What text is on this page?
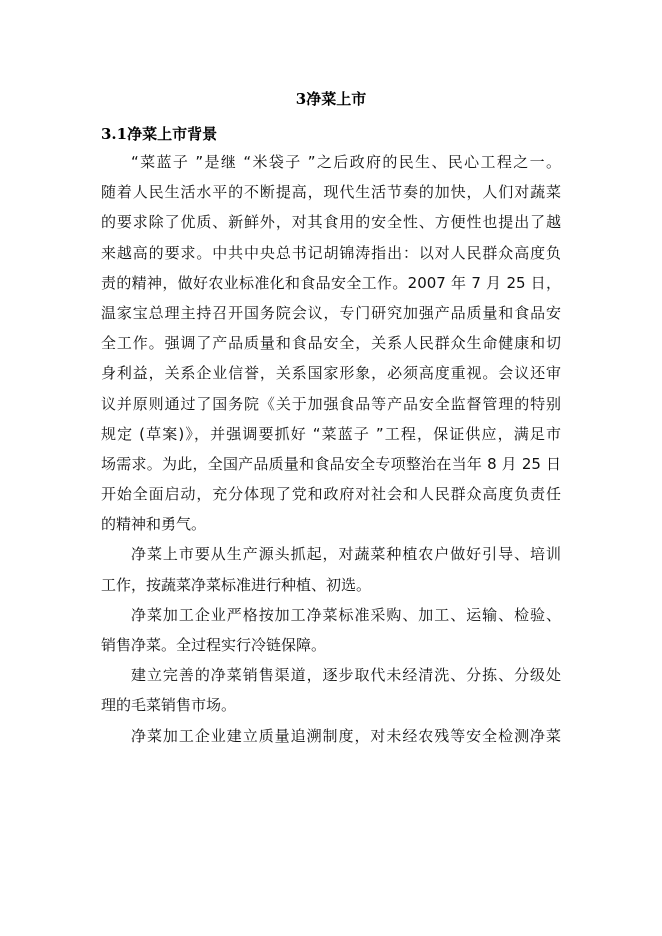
3净菜上市
3.1净菜上市背景
“菜蓝子 ”是继 “米袋子 ”之后政府的民生、民心工程之一。
随着人民生活水平的不断提高，现代生活节奏的加快，人们对蔬菜
的要求除了优质、新鲜外，对其食用的安全性、方便性也提出了越
来越高的要求。中共中央总书记胡锦涛指出：以对人民群众高度负
责的精神，做好农业标准化和食品安全工作。2007 年 7 月 25 日，
温家宝总理主持召开国务院会议，专门研究加强产品质量和食品安
全工作。强调了产品质量和食品安全，关系人民群众生命健康和切
身利益，关系企业信誉，关系国家形象，必须高度重视。会议还审
议并原则通过了国务院《关于加强食品等产品安全监督管理的特别
规定 (草案)》，并强调要抓好 “菜蓝子 ”工程，保证供应，满足市
场需求。为此，全国产品质量和食品安全专项整治在当年 8 月 25 日
开始全面启动，充分体现了党和政府对社会和人民群众高度负责任
的精神和勇气。
净菜上市要从生产源头抓起，对蔬菜种植农户做好引导、培训
工作，按蔬菜净菜标准进行种植、初选。
净菜加工企业严格按加工净菜标准采购、加工、运输、检验、
销售净菜。全过程实行冷链保障。
建立完善的净菜销售渠道，逐步取代未经清洗、分拣、分级处
理的毛菜销售市场。
净菜加工企业建立质量追溯制度，对未经农残等安全检测净菜
